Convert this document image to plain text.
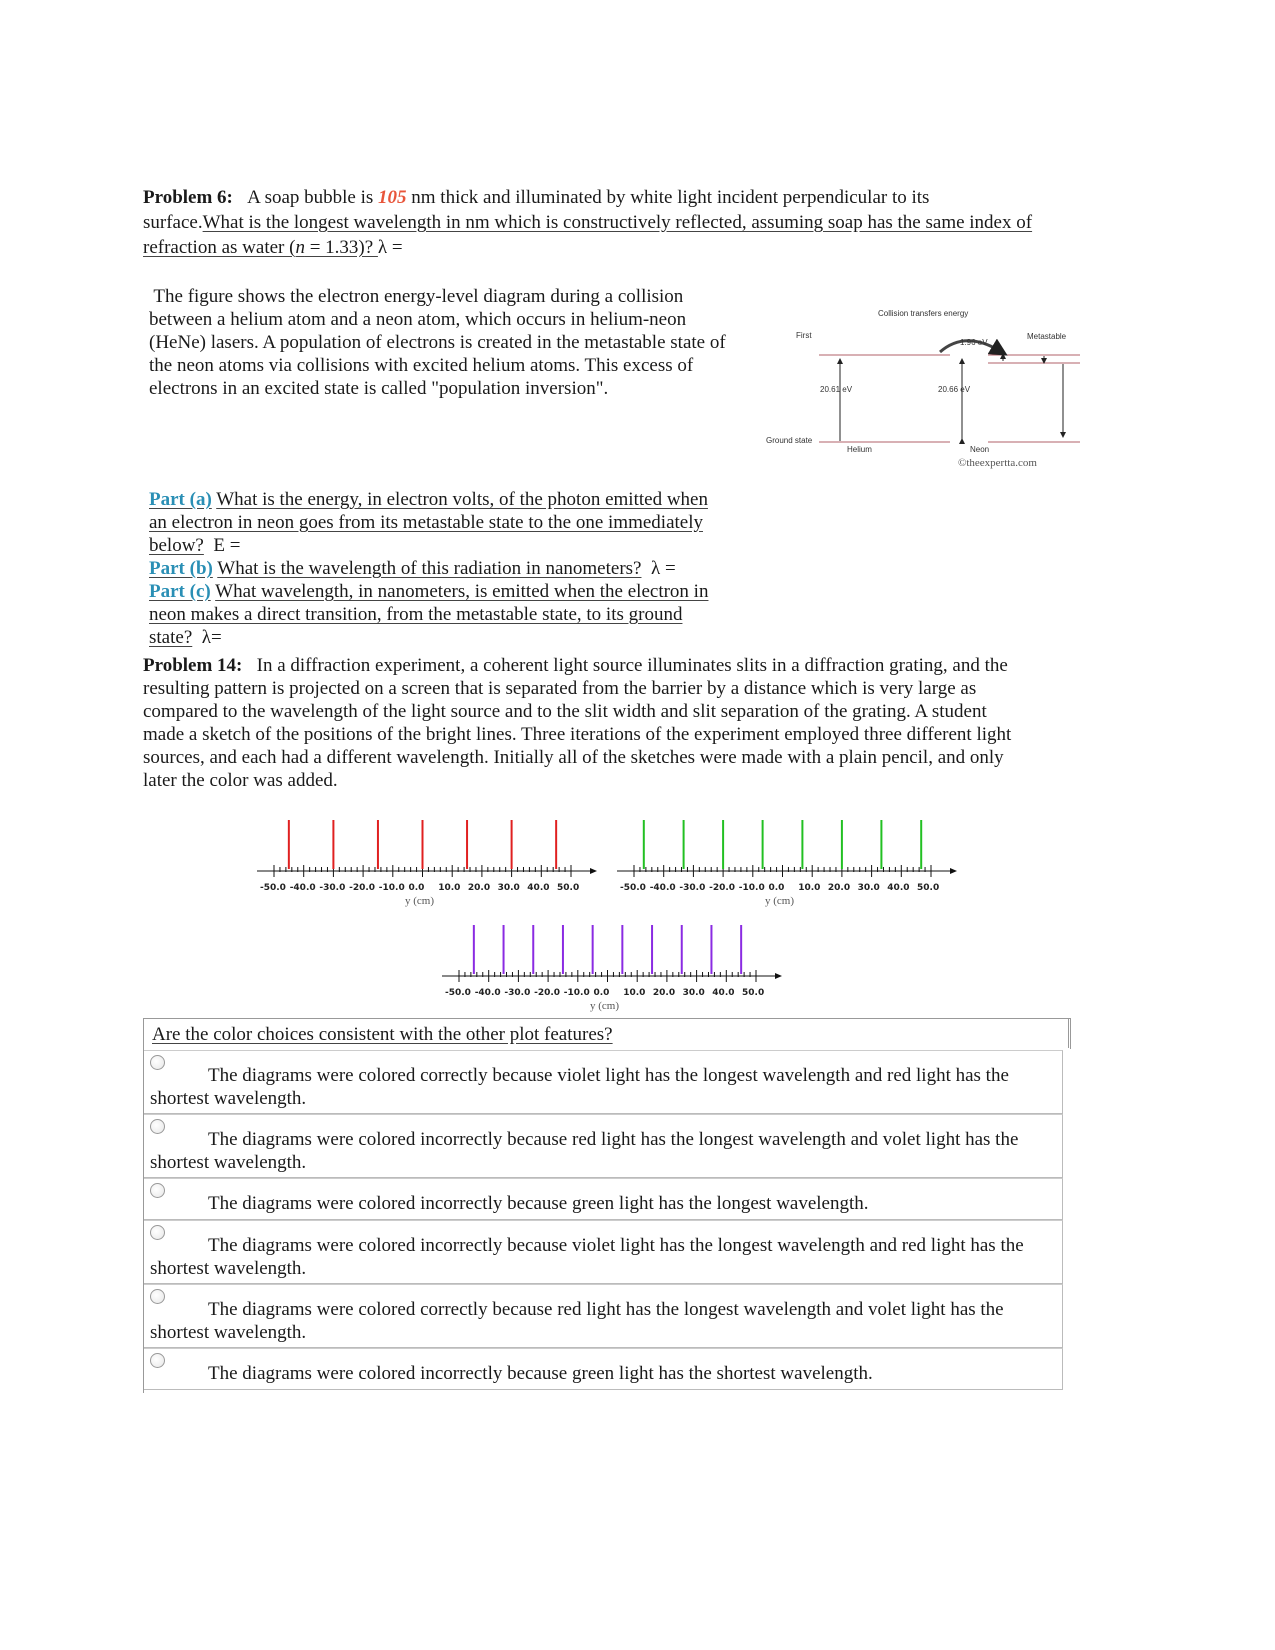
Problem 6: A soap bubble is 105 nm thick and illuminated by white light incident perpendicular to its
surface.What is the longest wavelength in nm which is constructively reflected, assuming soap has the same index of
refraction as water (n = 1.33)? λ =
The figure shows the electron energy-level diagram during a collision
between a helium atom and a neon atom, which occurs in helium-neon
(HeNe) lasers. A population of electrons is created in the metastable state of
the neon atoms via collisions with excited helium atoms. This excess of
electrons in an excited state is called "population inversion".
Collision transfers energy
First	Metastable
1.96 eV
20.61 eV	20.66 eV
Ground state
Helium	Neon
©theexpertta.com
Part (a) What is the energy, in electron volts, of the photon emitted when
an electron in neon goes from its metastable state to the one immediately
below? E =
Part (b) What is the wavelength of this radiation in nanometers? λ =
Part (c) What wavelength, in nanometers, is emitted when the electron in
neon makes a direct transition, from the metastable state, to its ground
state? λ=
Problem 14: In a diffraction experiment, a coherent light source illuminates slits in a diffraction grating, and the
resulting pattern is projected on a screen that is separated from the barrier by a distance which is very large as
compared to the wavelength of the light source and to the slit width and slit separation of the grating. A student
made a sketch of the positions of the bright lines. Three iterations of the experiment employed three different light
sources, and each had a different wavelength. Initially all of the sketches were made with a plain pencil, and only
later the color was added.
-50.0 -40.0 -30.0 -20.0 -10.0 0.0 10.0 20.0 30.0 40.0 50.0
y (cm)
-50.0 -40.0 -30.0 -20.0 -10.0 0.0 10.0 20.0 30.0 40.0 50.0
y (cm)
-50.0 -40.0 -30.0 -20.0 -10.0 0.0 10.0 20.0 30.0 40.0 50.0
y (cm)
Are the color choices consistent with the other plot features?
The diagrams were colored correctly because violet light has the longest wavelength and red light has the
shortest wavelength.
The diagrams were colored incorrectly because red light has the longest wavelength and volet light has the
shortest wavelength.
The diagrams were colored incorrectly because green light has the longest wavelength.
The diagrams were colored incorrectly because violet light has the longest wavelength and red light has the
shortest wavelength.
The diagrams were colored correctly because red light has the longest wavelength and volet light has the
shortest wavelength.
The diagrams were colored incorrectly because green light has the shortest wavelength.
